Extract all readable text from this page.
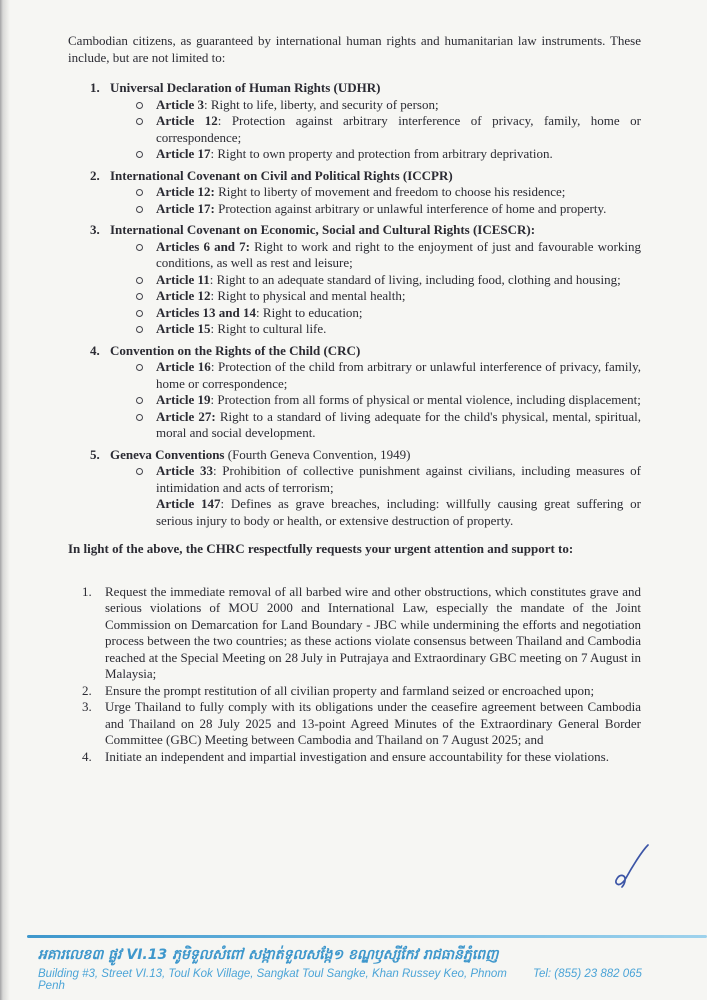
Cambodian citizens, as guaranteed by international human rights and humanitarian law instruments. These include, but are not limited to:

1. Universal Declaration of Human Rights (UDHR)
Article 3: Right to life, liberty, and security of person;
Article 12: Protection against arbitrary interference of privacy, family, home or correspondence;
Article 17: Right to own property and protection from arbitrary deprivation.
2. International Covenant on Civil and Political Rights (ICCPR)
Article 12: Right to liberty of movement and freedom to choose his residence;
Article 17: Protection against arbitrary or unlawful interference of home and property.
3. International Covenant on Economic, Social and Cultural Rights (ICESCR):
Articles 6 and 7: Right to work and right to the enjoyment of just and favourable working conditions, as well as rest and leisure;
Article 11: Right to an adequate standard of living, including food, clothing and housing;
Article 12: Right to physical and mental health;
Articles 13 and 14: Right to education;
Article 15: Right to cultural life.
4. Convention on the Rights of the Child (CRC)
Article 16: Protection of the child from arbitrary or unlawful interference of privacy, family, home or correspondence;
Article 19: Protection from all forms of physical or mental violence, including displacement;
Article 27: Right to a standard of living adequate for the child's physical, mental, spiritual, moral and social development.
5. Geneva Conventions (Fourth Geneva Convention, 1949)
Article 33: Prohibition of collective punishment against civilians, including measures of intimidation and acts of terrorism;
Article 147: Defines as grave breaches, including: willfully causing great suffering or serious injury to body or health, or extensive destruction of property.

In light of the above, the CHRC respectfully requests your urgent attention and support to:

1.	Request the immediate removal of all barbed wire and other obstructions, which constitutes grave and serious violations of MOU 2000 and International Law, especially the mandate of the Joint Commission on Demarcation for Land Boundary - JBC while undermining the efforts and negotiation process between the two countries; as these actions violate consensus between Thailand and Cambodia reached at the Special Meeting on 28 July in Putrajaya and Extraordinary GBC meeting on 7 August in Malaysia;
2.	Ensure the prompt restitution of all civilian property and farmland seized or encroached upon;
3.	Urge Thailand to fully comply with its obligations under the ceasefire agreement between Cambodia and Thailand on 28 July 2025 and 13-point Agreed Minutes of the Extraordinary General Border Committee (GBC) Meeting between Cambodia and Thailand on 7 August 2025; and
4.	Initiate an independent and impartial investigation and ensure accountability for these violations.
អគារលេខ៣ ផ្លូវ VI.13 ភូមិទួលសំពៅ សង្កាត់ទួលសង្កែ១ ខណ្ឌឫស្សីកែវ រាជធានីភ្នំពេញ
Building #3, Street VI.13, Toul Kok Village, Sangkat Toul Sangke, Khan Russey Keo, Phnom Penh
Tel: (855) 23 882 065
